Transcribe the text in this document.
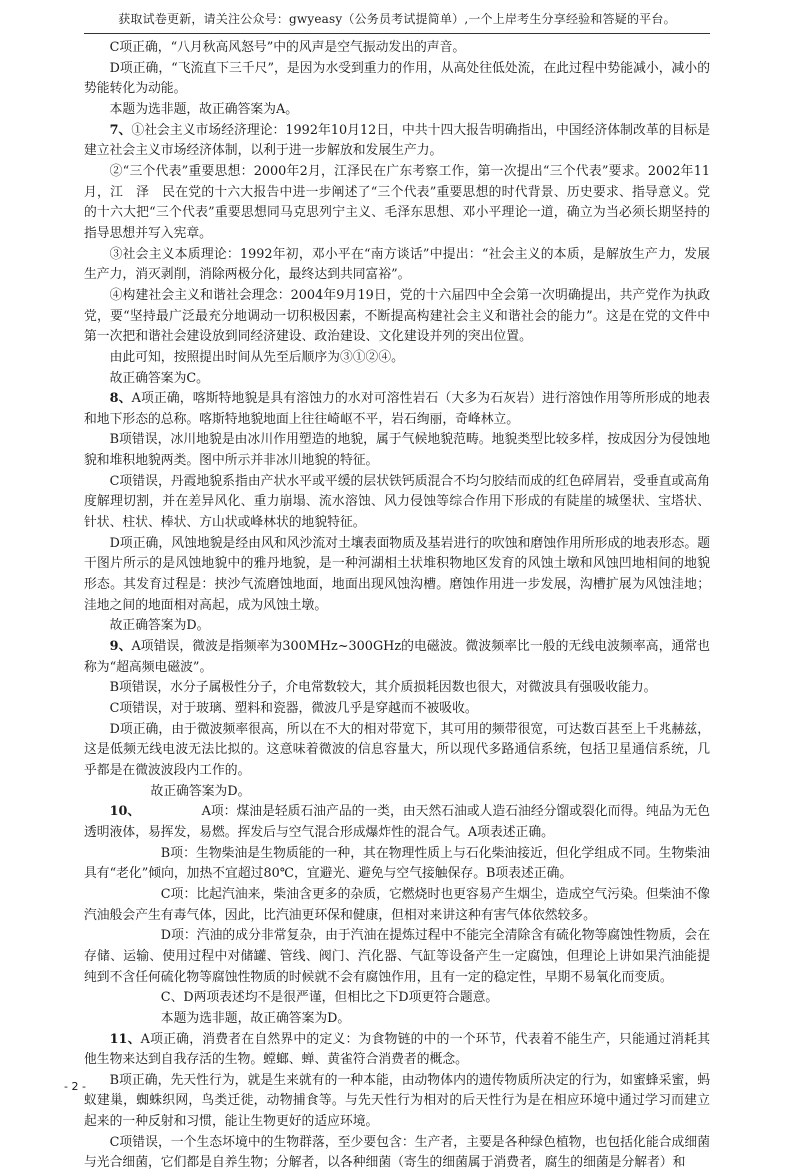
获取试卷更新，请关注公众号：gwyeasy（公务员考试提简单）,一个上岸考生分享经验和答疑的平台。

C项正确，“八月秋高风怒号”中的风声是空气振动发出的声音。

D项正确，“飞流直下三千尺”，是因为水受到重力的作用，从高处往低处流，在此过程中势能减小，减小的势能转化为动能。

本题为选非题，故正确答案为A。

7、①社会主义市场经济理论：1992年10月12日，中共十四大报告明确指出，中国经济体制改革的目标是建立社会主义市场经济体制，以利于进一步解放和发展生产力。

②“三个代表”重要思想：2000年2月，江泽民在广东考察工作，第一次提出“三个代表”要求。2002年11月，江　泽　民在党的十六大报告中进一步阐述了“三个代表”重要思想的时代背景、历史要求、指导意义。党的十六大把“三个代表”重要思想同马克思列宁主义、毛泽东思想、邓小平理论一道，确立为当必须长期坚持的指导思想并写入宪章。

③社会主义本质理论：1992年初，邓小平在“南方谈话”中提出：“社会主义的本质，是解放生产力，发展生产力，消灭剥削，消除两极分化，最终达到共同富裕”。

④构建社会主义和谐社会理念：2004年9月19日，党的十六届四中全会第一次明确提出，共产党作为执政党，要“坚持最广泛最充分地调动一切积极因素，不断提高构建社会主义和谐社会的能力”。这是在党的文件中第一次把和谐社会建设放到同经济建设、政治建设、文化建设并列的突出位置。

由此可知，按照提出时间从先至后顺序为③①②④。

故正确答案为C。

8、A项正确，喀斯特地貌是具有溶蚀力的水对可溶性岩石（大多为石灰岩）进行溶蚀作用等所形成的地表和地下形态的总称。喀斯特地貌地面上往往崎岖不平，岩石绚丽，奇峰林立。

B项错误，冰川地貌是由冰川作用塑造的地貌，属于气候地貌范畴。地貌类型比较多样，按成因分为侵蚀地貌和堆积地貌两类。图中所示并非冰川地貌的特征。

C项错误，丹霞地貌系指由产状水平或平缓的层状铁钙质混合不均匀胶结而成的红色碎屑岩，受垂直或高角度解理切割，并在差异风化、重力崩塌、流水溶蚀、风力侵蚀等综合作用下形成的有陡崖的城堡状、宝塔状、针状、柱状、棒状、方山状或峰林状的地貌特征。

D项正确，风蚀地貌是经由风和风沙流对土壤表面物质及基岩进行的吹蚀和磨蚀作用所形成的地表形态。题干图片所示的是风蚀地貌中的雅丹地貌，是一种河湖相土状堆积物地区发育的风蚀土墩和风蚀凹地相间的地貌形态。其发育过程是：挟沙气流磨蚀地面，地面出现风蚀沟槽。磨蚀作用进一步发展，沟槽扩展为风蚀洼地；洼地之间的地面相对高起，成为风蚀土墩。

故正确答案为D。

9、A项错误，微波是指频率为300MHz~300GHz的电磁波。微波频率比一般的无线电波频率高，通常也称为“超高频电磁波”。

B项错误，水分子属极性分子，介电常数较大，其介质损耗因数也很大，对微波具有强吸收能力。

C项错误，对于玻璃、塑料和瓷器，微波几乎是穿越而不被吸收。

D项正确，由于微波频率很高，所以在不大的相对带宽下，其可用的频带很宽，可达数百甚至上千兆赫兹，这是低频无线电波无法比拟的。这意味着微波的信息容量大，所以现代多路通信系统，包括卫星通信系统，几乎都是在微波波段内工作的。

故正确答案为D。

10、	A项：煤油是轻质石油产品的一类，由天然石油或人造石油经分馏或裂化而得。纯品为无色透明液体，易挥发，易燃。挥发后与空气混合形成爆炸性的混合气。A项表述正确。

B项：生物柴油是生物质能的一种，其在物理性质上与石化柴油接近，但化学组成不同。生物柴油具有“老化”倾向，加热不宜超过80℃，宜避光、避免与空气接触保存。B项表述正确。

C项：比起汽油来，柴油含更多的杂质，它燃烧时也更容易产生烟尘，造成空气污染。但柴油不像汽油般会产生有毒气体，因此，比汽油更环保和健康，但相对来讲这种有害气体依然较多。

D项：汽油的成分非常复杂，由于汽油在提炼过程中不能完全清除含有硫化物等腐蚀性物质，会在存储、运输、使用过程中对储罐、管线、阀门、汽化器、气缸等设备产生一定腐蚀，但理论上讲如果汽油能提纯到不含任何硫化物等腐蚀性物质的时候就不会有腐蚀作用，且有一定的稳定性，早期不易氧化而变质。

C、D两项表述均不是很严谨，但相比之下D项更符合题意。

本题为选非题，故正确答案为D。

11、A项正确，消费者在自然界中的定义：为食物链的中的一个环节，代表着不能生产，只能通过消耗其他生物来达到自我存活的生物。螳螂、蝉、黄雀符合消费者的概念。

B项正确，先天性行为，就是生来就有的一种本能，由动物体内的遗传物质所决定的行为，如蜜蜂采蜜，蚂蚁建巢，蜘蛛织网，鸟类迁徙，动物捕食等。与先天性行为相对的后天性行为是在相应环境中通过学习而建立起来的一种反射和习惯，能让生物更好的适应环境。

C项错误，一个生态坏境中的生物群落，至少要包含：生产者，主要是各种绿色植物，也包括化能合成细菌与光合细菌，它们都是自养生物；分解者，以各种细菌（寄生的细菌属于消费者，腐生的细菌是分解者）和

- 2 -
